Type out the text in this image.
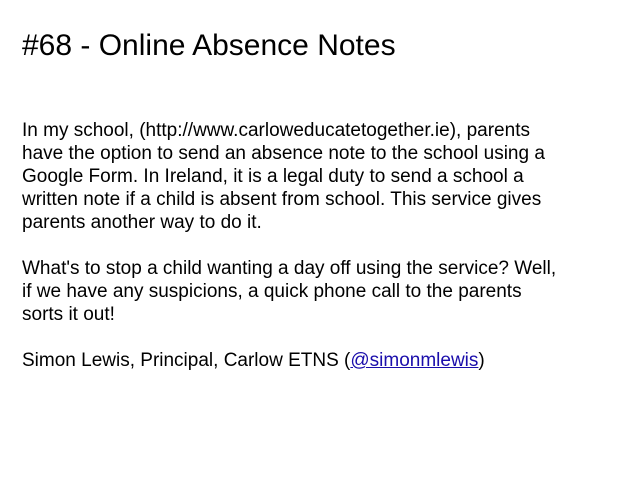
#68 - Online Absence Notes

In my school, (http://www.carloweducatetogether.ie), parents
have the option to send an absence note to the school using a
Google Form. In Ireland, it is a legal duty to send a school a
written note if a child is absent from school. This service gives
parents another way to do it.

What's to stop a child wanting a day off using the service? Well,
if we have any suspicions, a quick phone call to the parents
sorts it out!

Simon Lewis, Principal, Carlow ETNS (@simonmlewis)
